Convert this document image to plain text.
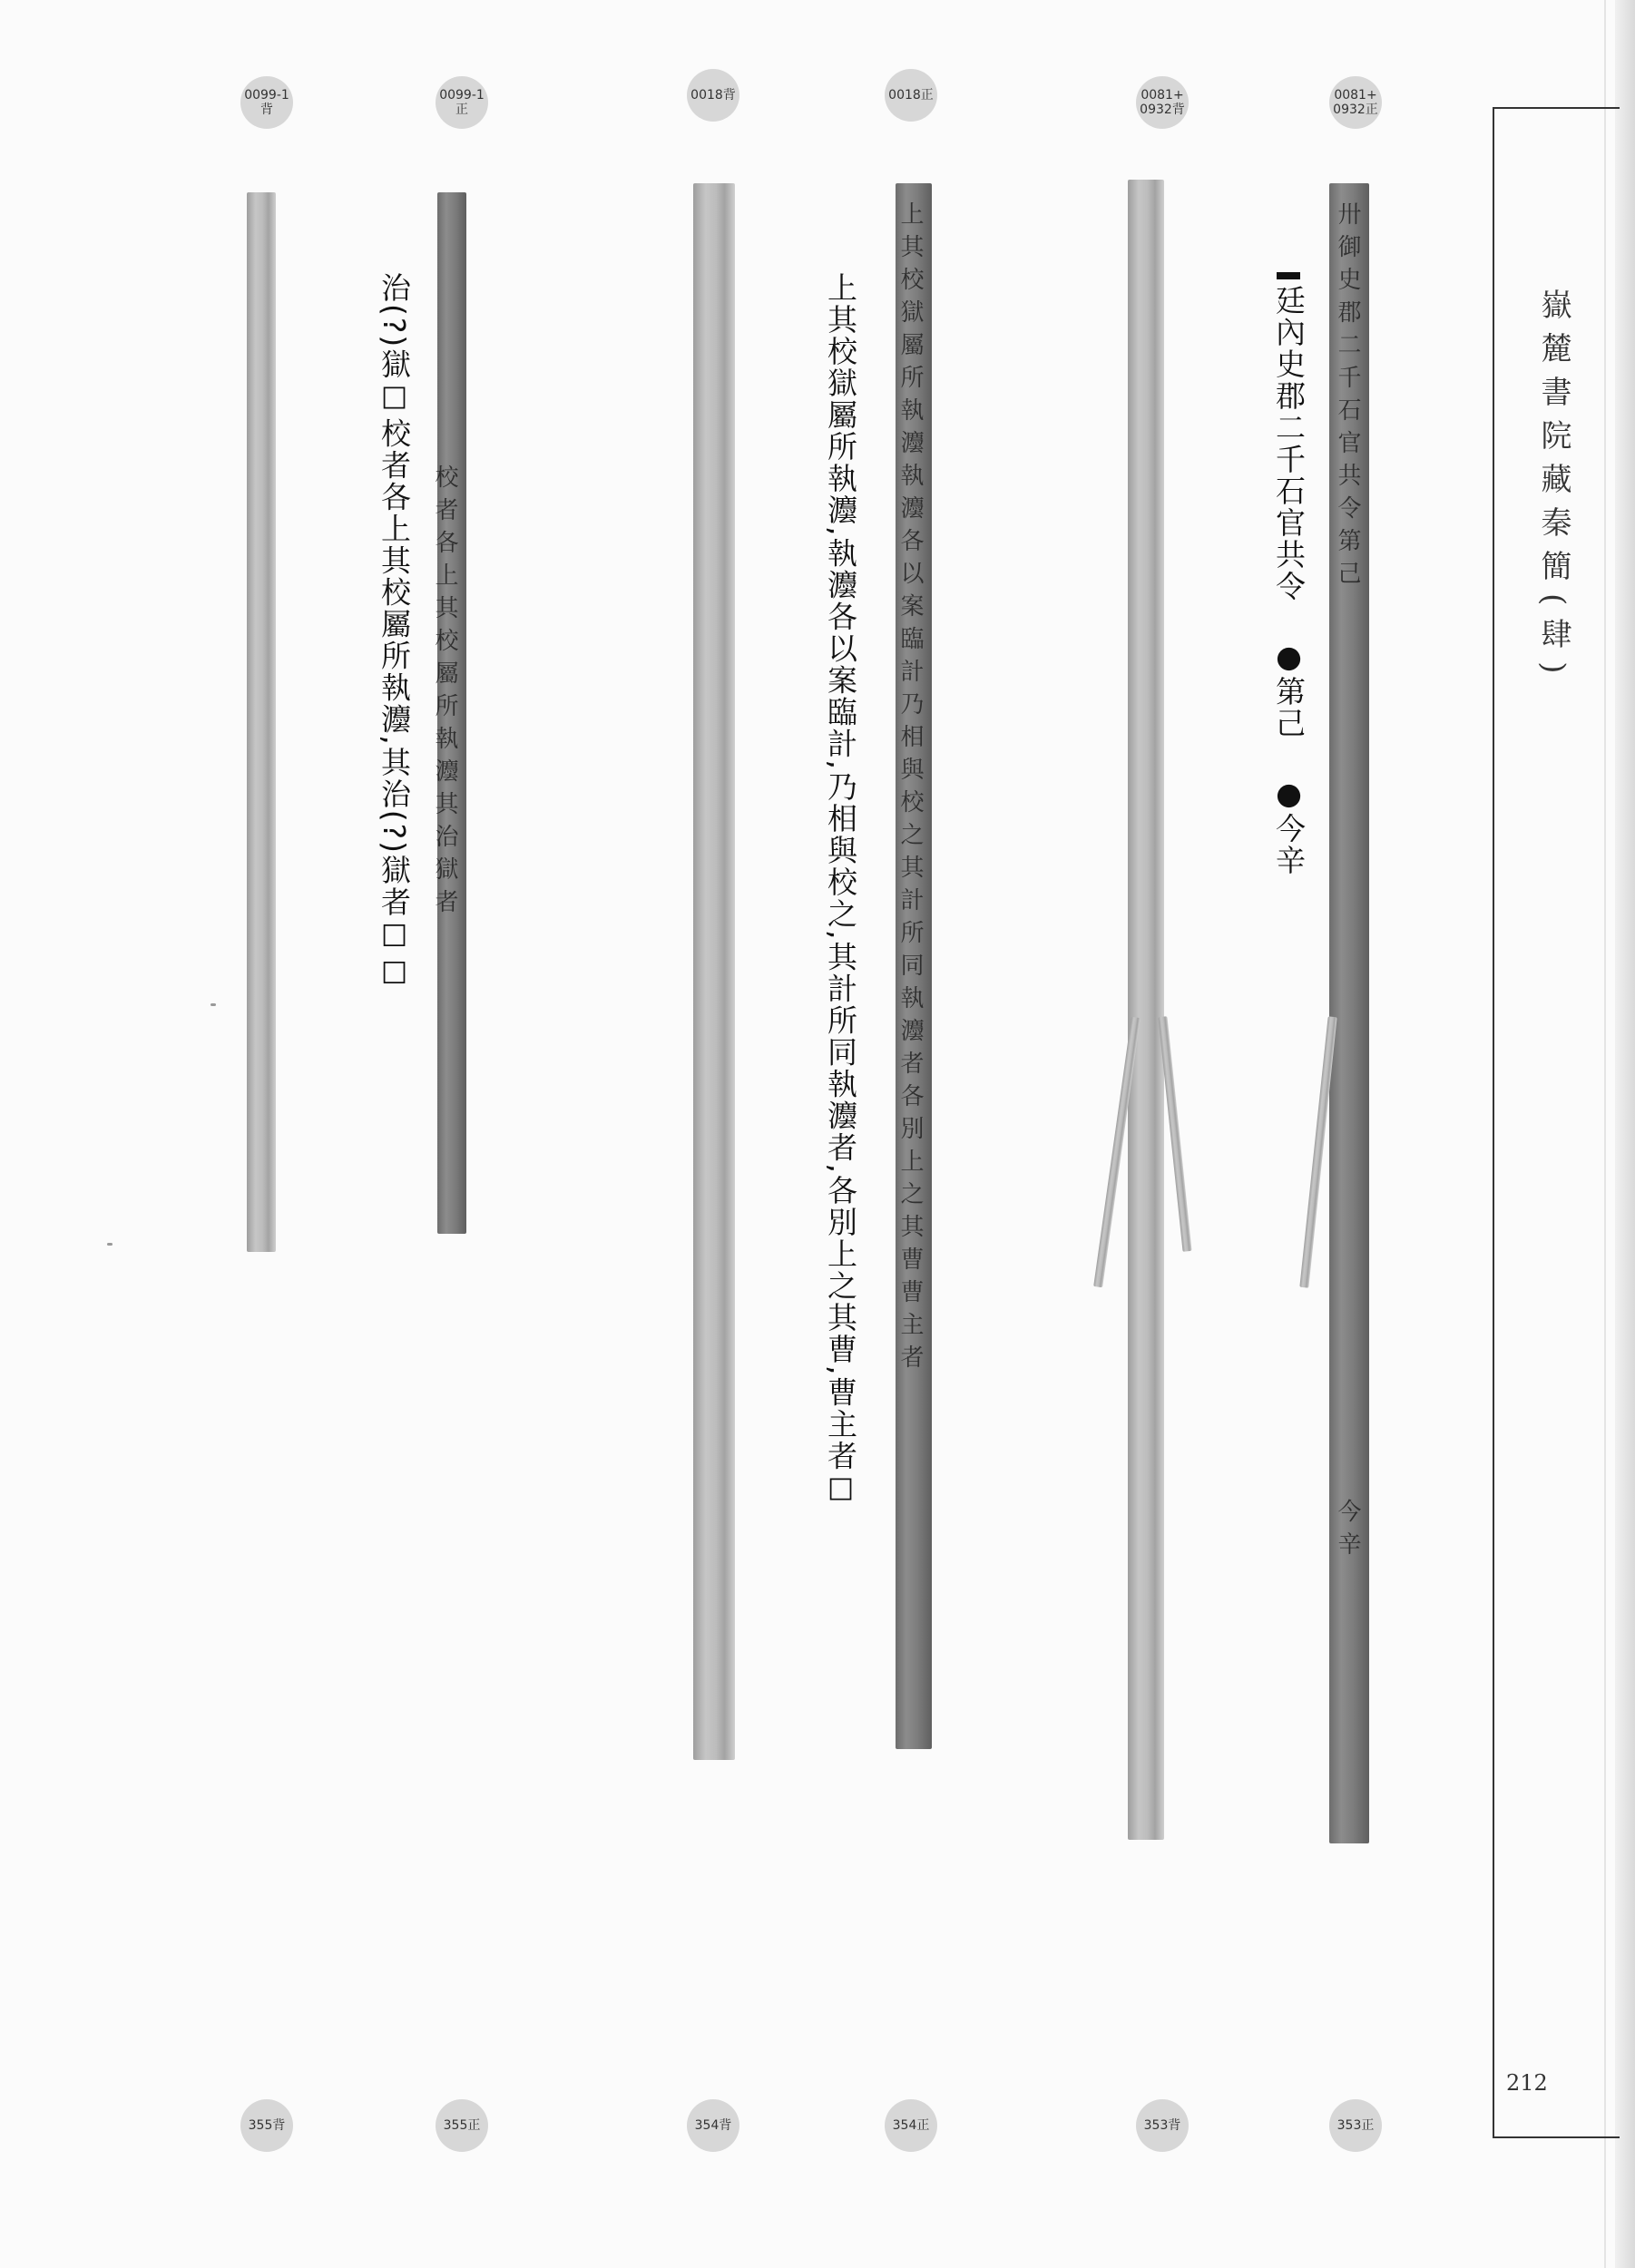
嶽麓書院藏秦簡(肆)
212
0099-1
背
0099-1
正
0018背	0018正	0081+
0932背
0081+
0932正
校者各上其校屬所執灋其治獄者	上其校獄屬所執灋執灋各以案臨計乃相與校之其計所同執灋者各別上之其曹曹主者	卅御史郡二千石官共令第己
今辛
廷內史郡二千石官共令●第己●今辛
上其校獄屬所執灋,執灋各以案臨計,乃相與校之,其計所同執灋者,各別上之其曹,曹主者☐
治(?)獄☐校者各上其校屬所執灋,其治(?)獄者☐☐
355背	355正	354背	354正	353背	353正
